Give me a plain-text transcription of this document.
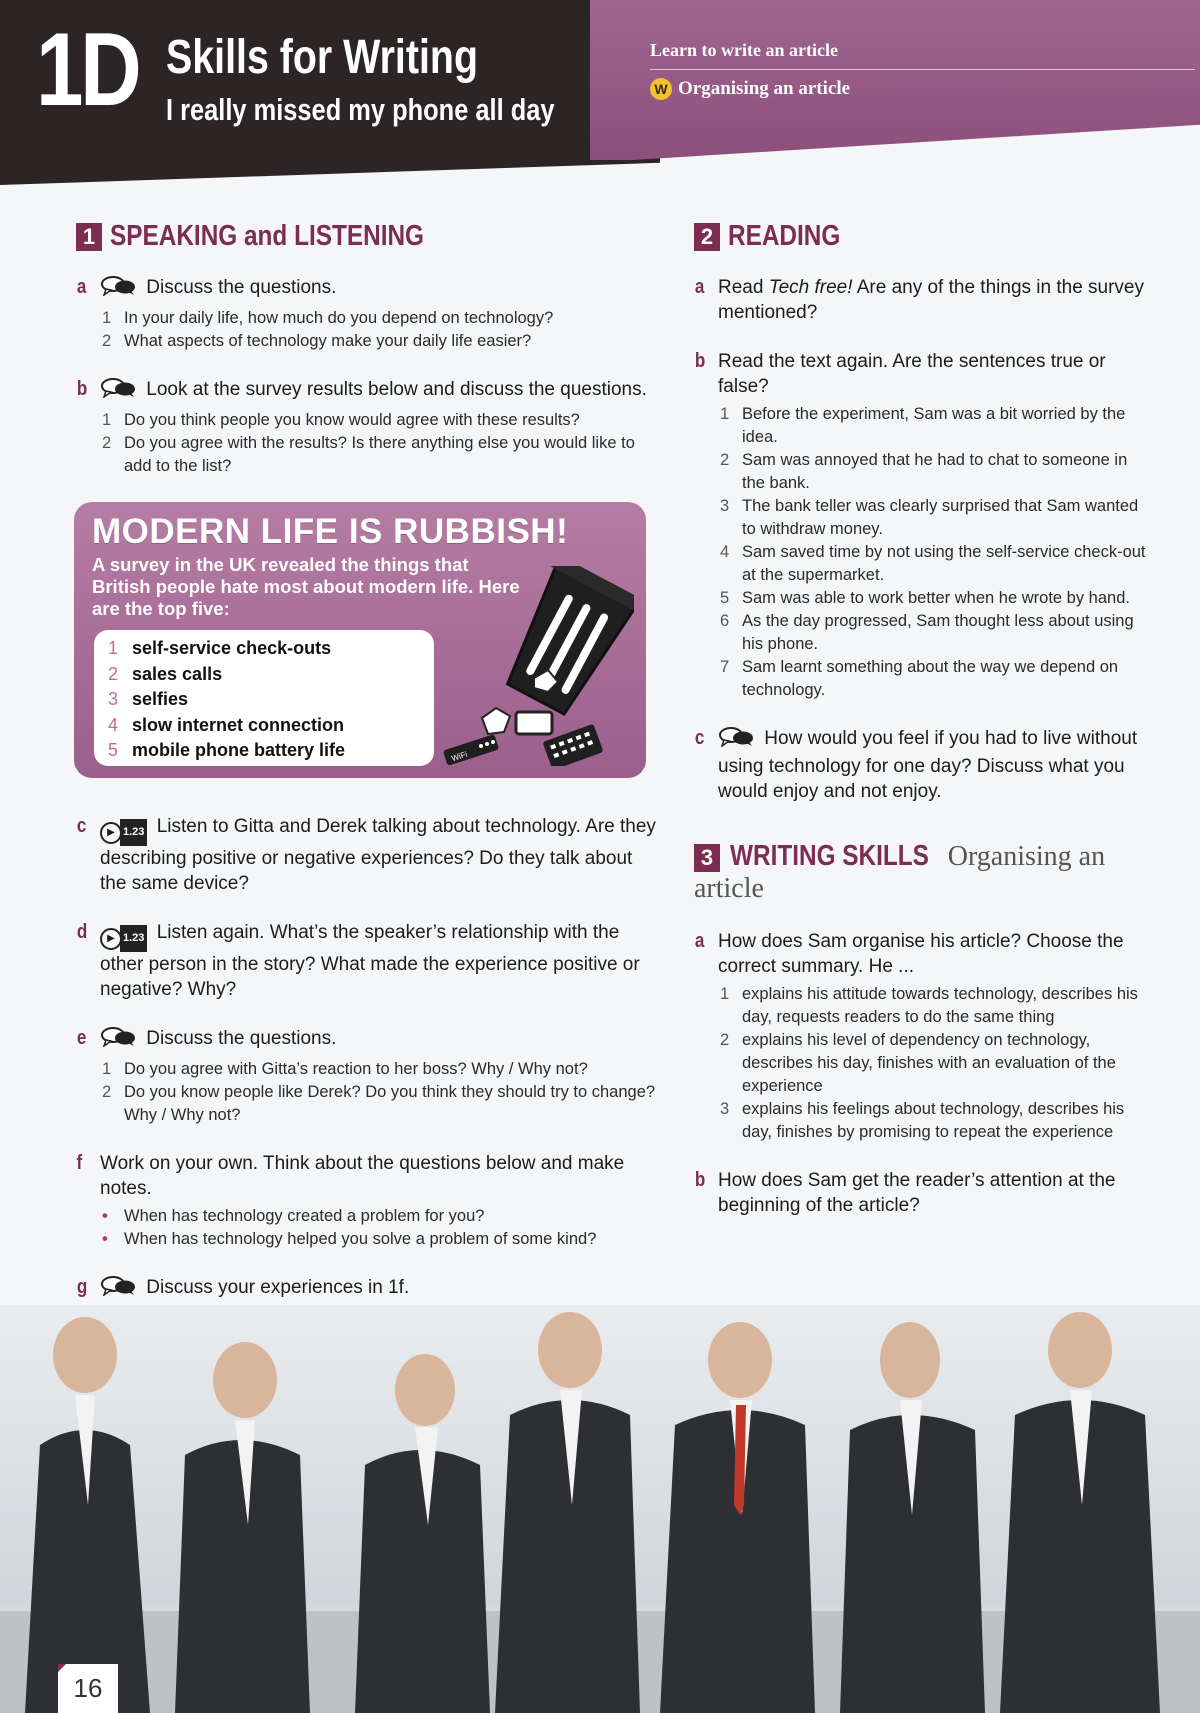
1D Skills for Writing
I really missed my phone all day
Learn to write an article
W Organising an article
1 SPEAKING and LISTENING
a	Discuss the questions.
1 In your daily life, how much do you depend on technology?
2 What aspects of technology make your daily life easier?
b	Look at the survey results below and discuss the questions.
1 Do you think people you know would agree with these results?
2 Do you agree with the results? Is there anything else you would like to add to the list?
MODERN LIFE IS RUBBISH!
A survey in the UK revealed the things that British people hate most about modern life. Here are the top five:
1 self-service check-outs
2 sales calls
3 selfies
4 slow internet connection
5 mobile phone battery life	WiFi
c	▶ 1.23 Listen to Gitta and Derek talking about technology. Are they describing positive or negative experiences? Do they talk about the same device?
d	▶ 1.23 Listen again. What’s the speaker’s relationship with the other person in the story? What made the experience positive or negative? Why?
e	Discuss the questions.
1 Do you agree with Gitta’s reaction to her boss? Why / Why not?
2 Do you know people like Derek? Do you think they should try to change? Why / Why not?
f Work on your own. Think about the questions below and make notes.
• When has technology created a problem for you?
• When has technology helped you solve a problem of some kind?
g	Discuss your experiences in 1f.
2 READING
a Read Tech free! Are any of the things in the survey mentioned?
b Read the text again. Are the sentences true or false?
1 Before the experiment, Sam was a bit worried by the idea.
2 Sam was annoyed that he had to chat to someone in the bank.
3 The bank teller was clearly surprised that Sam wanted to withdraw money.
4 Sam saved time by not using the self-service check-out at the supermarket.
5 Sam was able to work better when he wrote by hand.
6 As the day progressed, Sam thought less about using his phone.
7 Sam learnt something about the way we depend on technology.
c	How would you feel if you had to live without using technology for one day? Discuss what you would enjoy and not enjoy.
3 WRITING SKILLS Organising an article
a How does Sam organise his article? Choose the correct summary. He ...
1 explains his attitude towards technology, describes his day, requests readers to do the same thing
2 explains his level of dependency on technology, describes his day, finishes with an evaluation of the experience
3 explains his feelings about technology, describes his day, finishes by promising to repeat the experience
b How does Sam get the reader’s attention at the beginning of the article?
16
